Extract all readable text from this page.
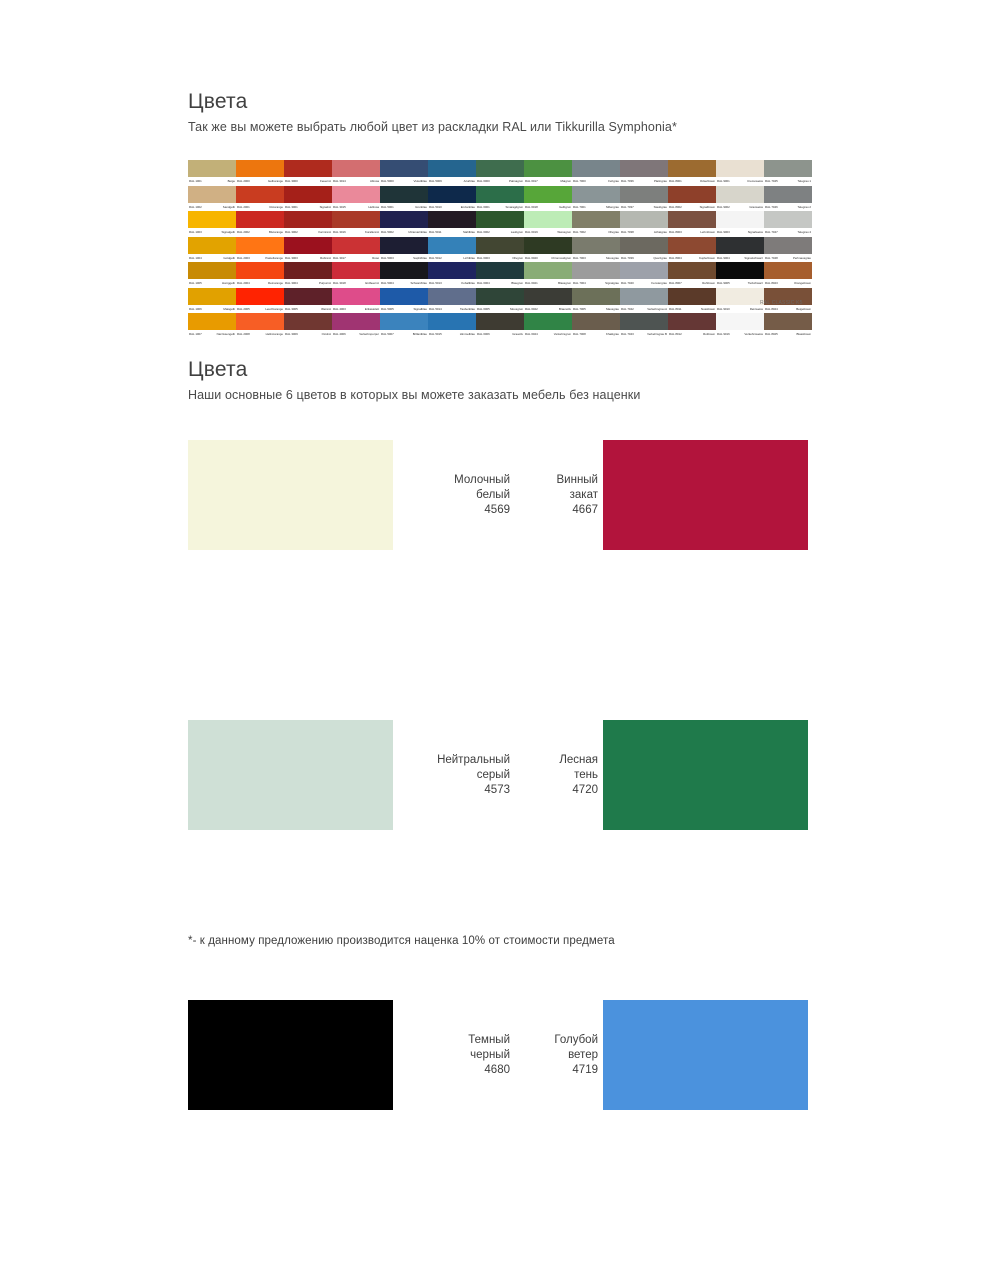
Цвета

Так же вы можете выбрать любой цвет из раскладки RAL или Tikkurilla Symphonia*

RAL 1001	Beige RAL 2000	Gelborange RAL 3000	Feuerrot RAL 3014	Altrosa RAL 5000	Violettblau RAL 5009	Azurblau RAL 6000	Patinagrun RAL 6017	Maigrun RAL 7000	Fehgrau RAL 7036	Platingrau RAL 8001	Ockerbraun RAL 9001	Cremeweiss RAL 7045	Telegrau 1
RAL 1002	Sandgelb RAL 2001	Rotorange RAL 3001	Signalrot RAL 3015	Hellrosa RAL 5001	Grunblau RAL 5010	Enzianblau RAL 6001	Smaragdgrun RAL 6018	Gelbgrun RAL 7001	Silbergrau RAL 7037	Staubgrau RAL 8002	Signalbraun RAL 9002	Grauweiss RAL 7046	Telegrau 2
RAL 1003	Signalgelb RAL 2002	Blutorange RAL 3002	Karminrot RAL 3016	Korallenrot RAL 5002	Ultramarinblau RAL 5011	Stahlblau RAL 6002	Laubgrun RAL 6019	Weissgrun RAL 7002	Olivgrau RAL 7038	Achatgrau RAL 8003	Lehmbraun RAL 9003	Signalweiss RAL 7047	Telegrau 4
RAL 1004	Goldgelb RAL 2003	Pastellorange RAL 3003	Rubinrot RAL 3017	Rosé RAL 5003	Saphirblau RAL 5012	Lichtblau RAL 6003	Olivgrun RAL 6020	Chromoxidgrun RAL 7003	Moosgrau RAL 7039	Quarzgrau RAL 8004	Kupferbraun RAL 9004	Signalschwarz RAL 7048	Perlmausgrau
RAL 1005	Honiggelb RAL 2004	Reinorange RAL 3004	Purpurrot RAL 3018	Erdbeerrot RAL 5004	Schwarzblau RAL 5013	Kobaltblau RAL 6004	Blaugrun RAL 6021	Blassgrun RAL 7004	Signalgrau RAL 7040	Fenstergrau RAL 8007	Rehbraun RAL 9005	Tiefschwarz RAL 8023	Orangebraun
RAL 1006	Maisgelb RAL 2005	Leuchtorange RAL 3005	Weinrot RAL 4003	Erikaviolett RAL 5005	Signalblau RAL 5014	Taubenblau RAL 6005	Moosgrun RAL 6022	Braunoliv RAL 7005	Mausgrau RAL 7042	Verkehrsgrau A RAL 8011	Nussbraun RAL 9010	Reinweiss RAL 8024	Beigebraun
RAL 1007	Narzissengelb RAL 2008	Hellrotorange RAL 3009	Oxidrot RAL 4006	Verkehrspurpur RAL 5007	Brillantblau RAL 5015	Himmelblau RAL 6006	Grauoliv RAL 6024	Verkehrsgrun RAL 7008	Khakigrau RAL 7043	Verkehrsgrau B RAL 8012	Rotbraun RAL 9016	Verkehrsweiss RAL 8025	Blassbraun
RAL CLASSIC K5
Цвета

Наши основные 6 цветов в которых вы можете заказать мебель без наценки

Молочный
белый
4569
Винный
закат
4667
Нейтральный
серый
4573
Лесная
тень
4720
Темный
черный
4680
Голубой
ветер
4719
*- к данному предложению производится наценка 10% от стоимости предмета
